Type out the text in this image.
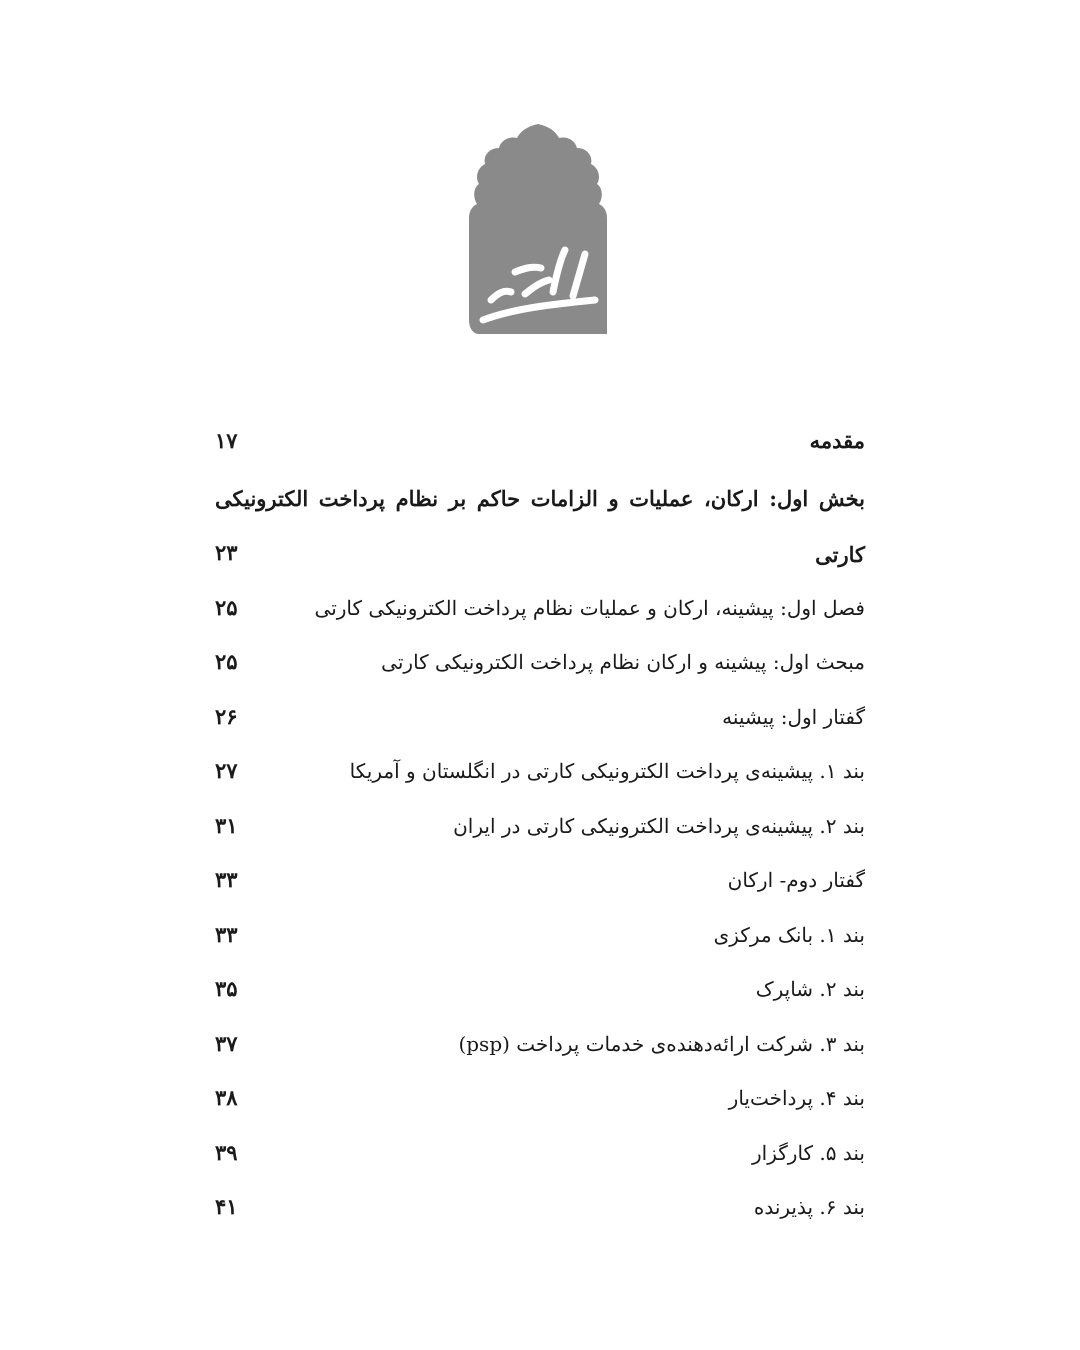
مقدمه
۱۷
بخش اول: ارکان، عملیات و الزامات حاکم بر نظام پرداخت الکترونیکی کارتی
۲۳
فصل اول: پیشینه، ارکان و عملیات نظام پرداخت الکترونیکی کارتی
۲۵
مبحث اول: پیشینه و ارکان نظام پرداخت الکترونیکی کارتی
۲۵
گفتار اول: پیشینه
۲۶
بند ۱. پیشینه‌ی پرداخت الکترونیکی کارتی در انگلستان و آمریکا
۲۷
بند ۲. پیشینه‌ی پرداخت الکترونیکی کارتی در ایران
۳۱
گفتار دوم- ارکان
۳۳
بند ۱. بانک مرکزی
۳۳
بند ۲. شاپرک
۳۵
بند ۳. شرکت ارائه‌دهنده‌ی خدمات پرداخت (psp)
۳۷
بند ۴. پرداخت‌یار
۳۸
بند ۵. کارگزار
۳۹
بند ۶. پذیرنده
۴۱
